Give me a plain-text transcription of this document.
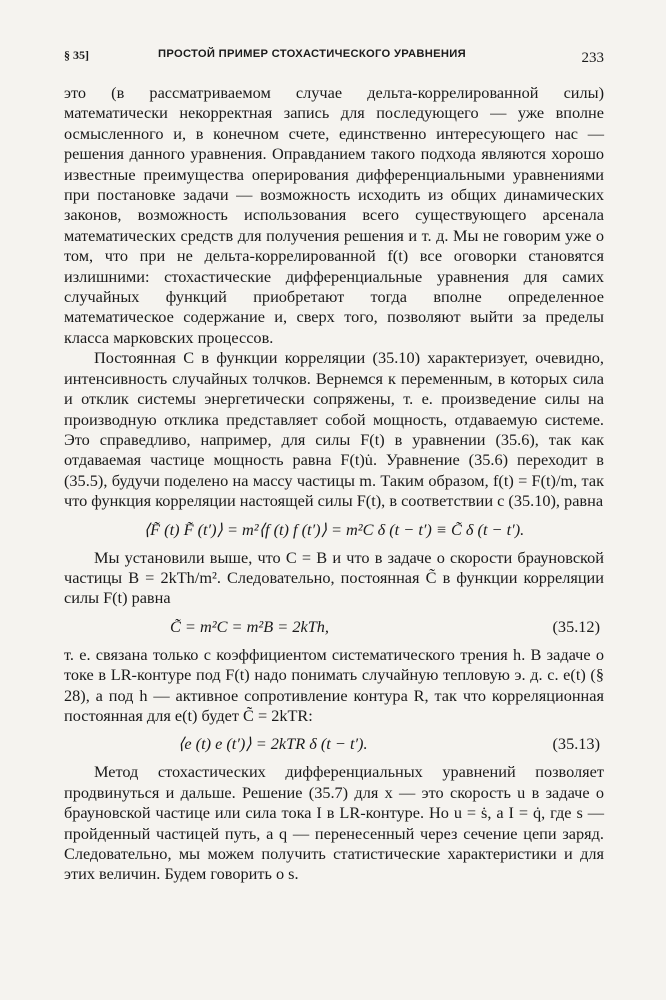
§ 35]	ПРОСТОЙ ПРИМЕР СТОХАСТИЧЕСКОГО УРАВНЕНИЯ	233

это (в рассматриваемом случае дельта-коррелированной силы) математически некорректная запись для последующего — уже вполне осмысленного и, в конечном счете, единственно интересующего нас — решения данного уравнения. Оправданием такого подхода являются хорошо известные преимущества оперирования дифференциальными уравнениями при постановке задачи — возможность исходить из общих динамических законов, возможность использования всего существующего арсенала математических средств для получения решения и т. д. Мы не говорим уже о том, что при не дельта-коррелированной f(t) все оговорки становятся излишними: стохастические дифференциальные уравнения для самих случайных функций приобретают тогда вполне определенное математическое содержание и, сверх того, позволяют выйти за пределы класса марковских процессов.

Постоянная C в функции корреляции (35.10) характеризует, очевидно, интенсивность случайных толчков. Вернемся к переменным, в которых сила и отклик системы энергетически сопряжены, т. е. произведение силы на производную отклика представляет собой мощность, отдаваемую системе. Это справедливо, например, для силы F(t) в уравнении (35.6), так как отдаваемая частице мощность равна F(t)u̇. Уравнение (35.6) переходит в (35.5), будучи поделено на массу частицы m. Таким образом, f(t) = F(t)/m, так что функция корреляции настоящей силы F(t), в соответствии с (35.10), равна

⟨F̃ (t) F̃ (t′)⟩ = m²⟨f (t) f (t′)⟩ = m²C δ (t − t′) ≡ C̃ δ (t − t′).

Мы установили выше, что C = B и что в задаче о скорости брауновской частицы B = 2kTh/m². Следовательно, постоянная C̃ в функции корреляции силы F(t) равна

C̃ = m²C = m²B = 2kTh,	(35.12)

т. е. связана только с коэффициентом систематического трения h. В задаче о токе в LR-контуре под F(t) надо понимать случайную тепловую э. д. с. e(t) (§ 28), а под h — активное сопротивление контура R, так что корреляционная постоянная для e(t) будет C̃ = 2kTR:

⟨e (t) e (t′)⟩ = 2kTR δ (t − t′).	(35.13)

Метод стохастических дифференциальных уравнений позволяет продвинуться и дальше. Решение (35.7) для x — это скорость u в задаче о брауновской частице или сила тока I в LR-контуре. Но u = ṡ, а I = q̇, где s — пройденный частицей путь, а q — перенесенный через сечение цепи заряд. Следовательно, мы можем получить статистические характеристики и для этих величин. Будем говорить о s.
